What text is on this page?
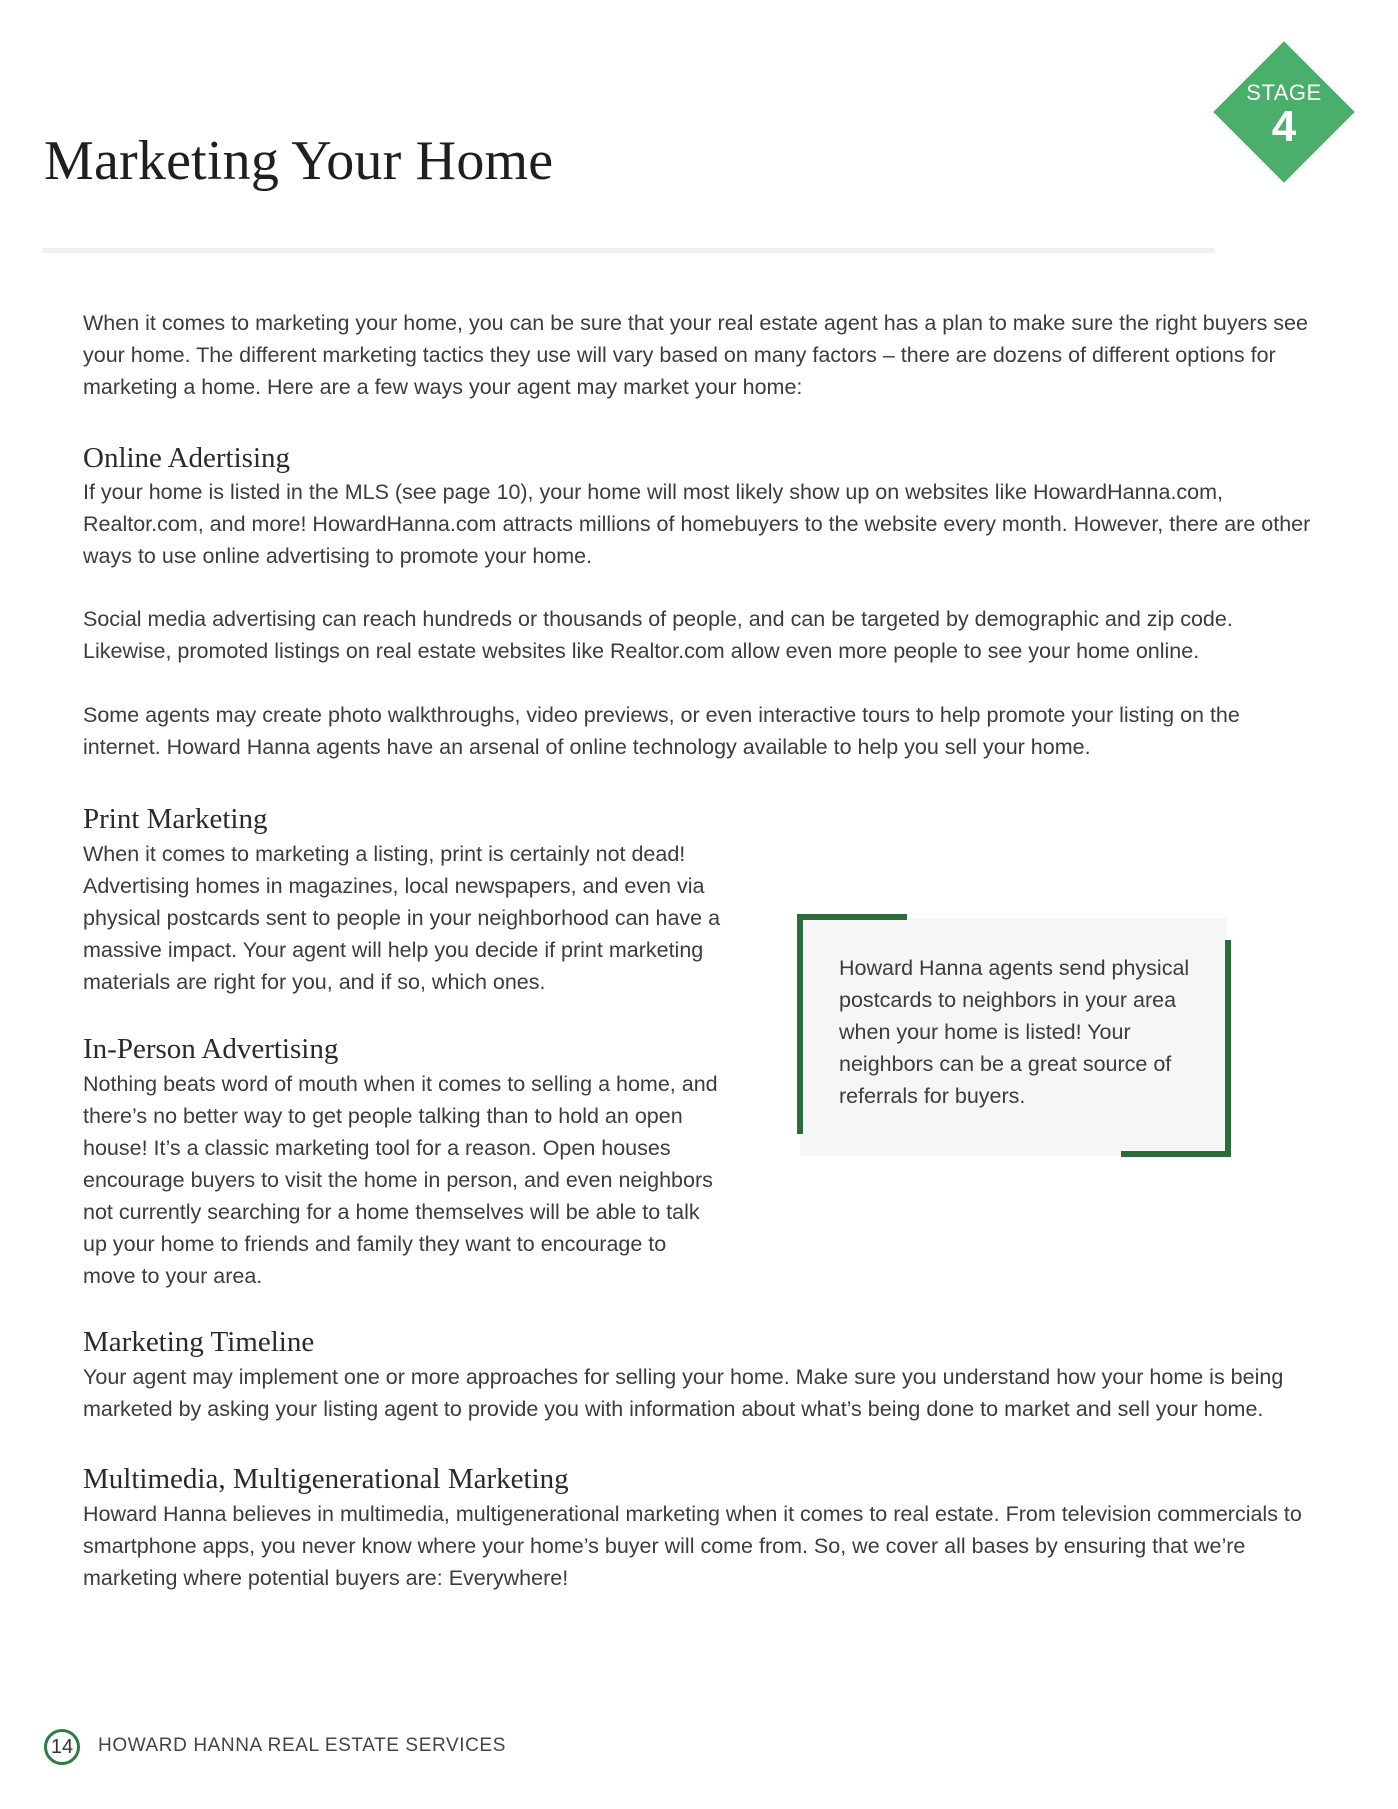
Marketing Your Home
STAGE
4

When it comes to marketing your home, you can be sure that your real estate agent has a plan to make sure the right buyers see your home. The different marketing tactics they use will vary based on many factors – there are dozens of different options for marketing a home. Here are a few ways your agent may market your home:

Online Adertising

If your home is listed in the MLS (see page 10), your home will most likely show up on websites like HowardHanna.com, Realtor.com, and more! HowardHanna.com attracts millions of homebuyers to the website every month. However, there are other ways to use online advertising to promote your home.

Social media advertising can reach hundreds or thousands of people, and can be targeted by demographic and zip code. Likewise, promoted listings on real estate websites like Realtor.com allow even more people to see your home online.

Some agents may create photo walkthroughs, video previews, or even interactive tours to help promote your listing on the internet. Howard Hanna agents have an arsenal of online technology available to help you sell your home.

Print Marketing

When it comes to marketing a listing, print is certainly not dead! Advertising homes in magazines, local newspapers, and even via physical postcards sent to people in your neighborhood can have a massive impact. Your agent will help you decide if print marketing materials are right for you, and if so, which ones.

In-Person Advertising

Nothing beats word of mouth when it comes to selling a home, and there’s no better way to get people talking than to hold an open house! It’s a classic marketing tool for a reason. Open houses encourage buyers to visit the home in person, and even neighbors not currently searching for a home themselves will be able to talk up your home to friends and family they want to encourage to move to your area.

Howard Hanna agents send physical postcards to neighbors in your area when your home is listed! Your neighbors can be a great source of referrals for buyers.

Marketing Timeline

Your agent may implement one or more approaches for selling your home. Make sure you understand how your home is being marketed by asking your listing agent to provide you with information about what’s being done to market and sell your home.

Multimedia, Multigenerational Marketing

Howard Hanna believes in multimedia, multigenerational marketing when it comes to real estate. From television commercials to smartphone apps, you never know where your home’s buyer will come from. So, we cover all bases by ensuring that we’re marketing where potential buyers are: Everywhere!

14	HOWARD HANNA REAL ESTATE SERVICES
